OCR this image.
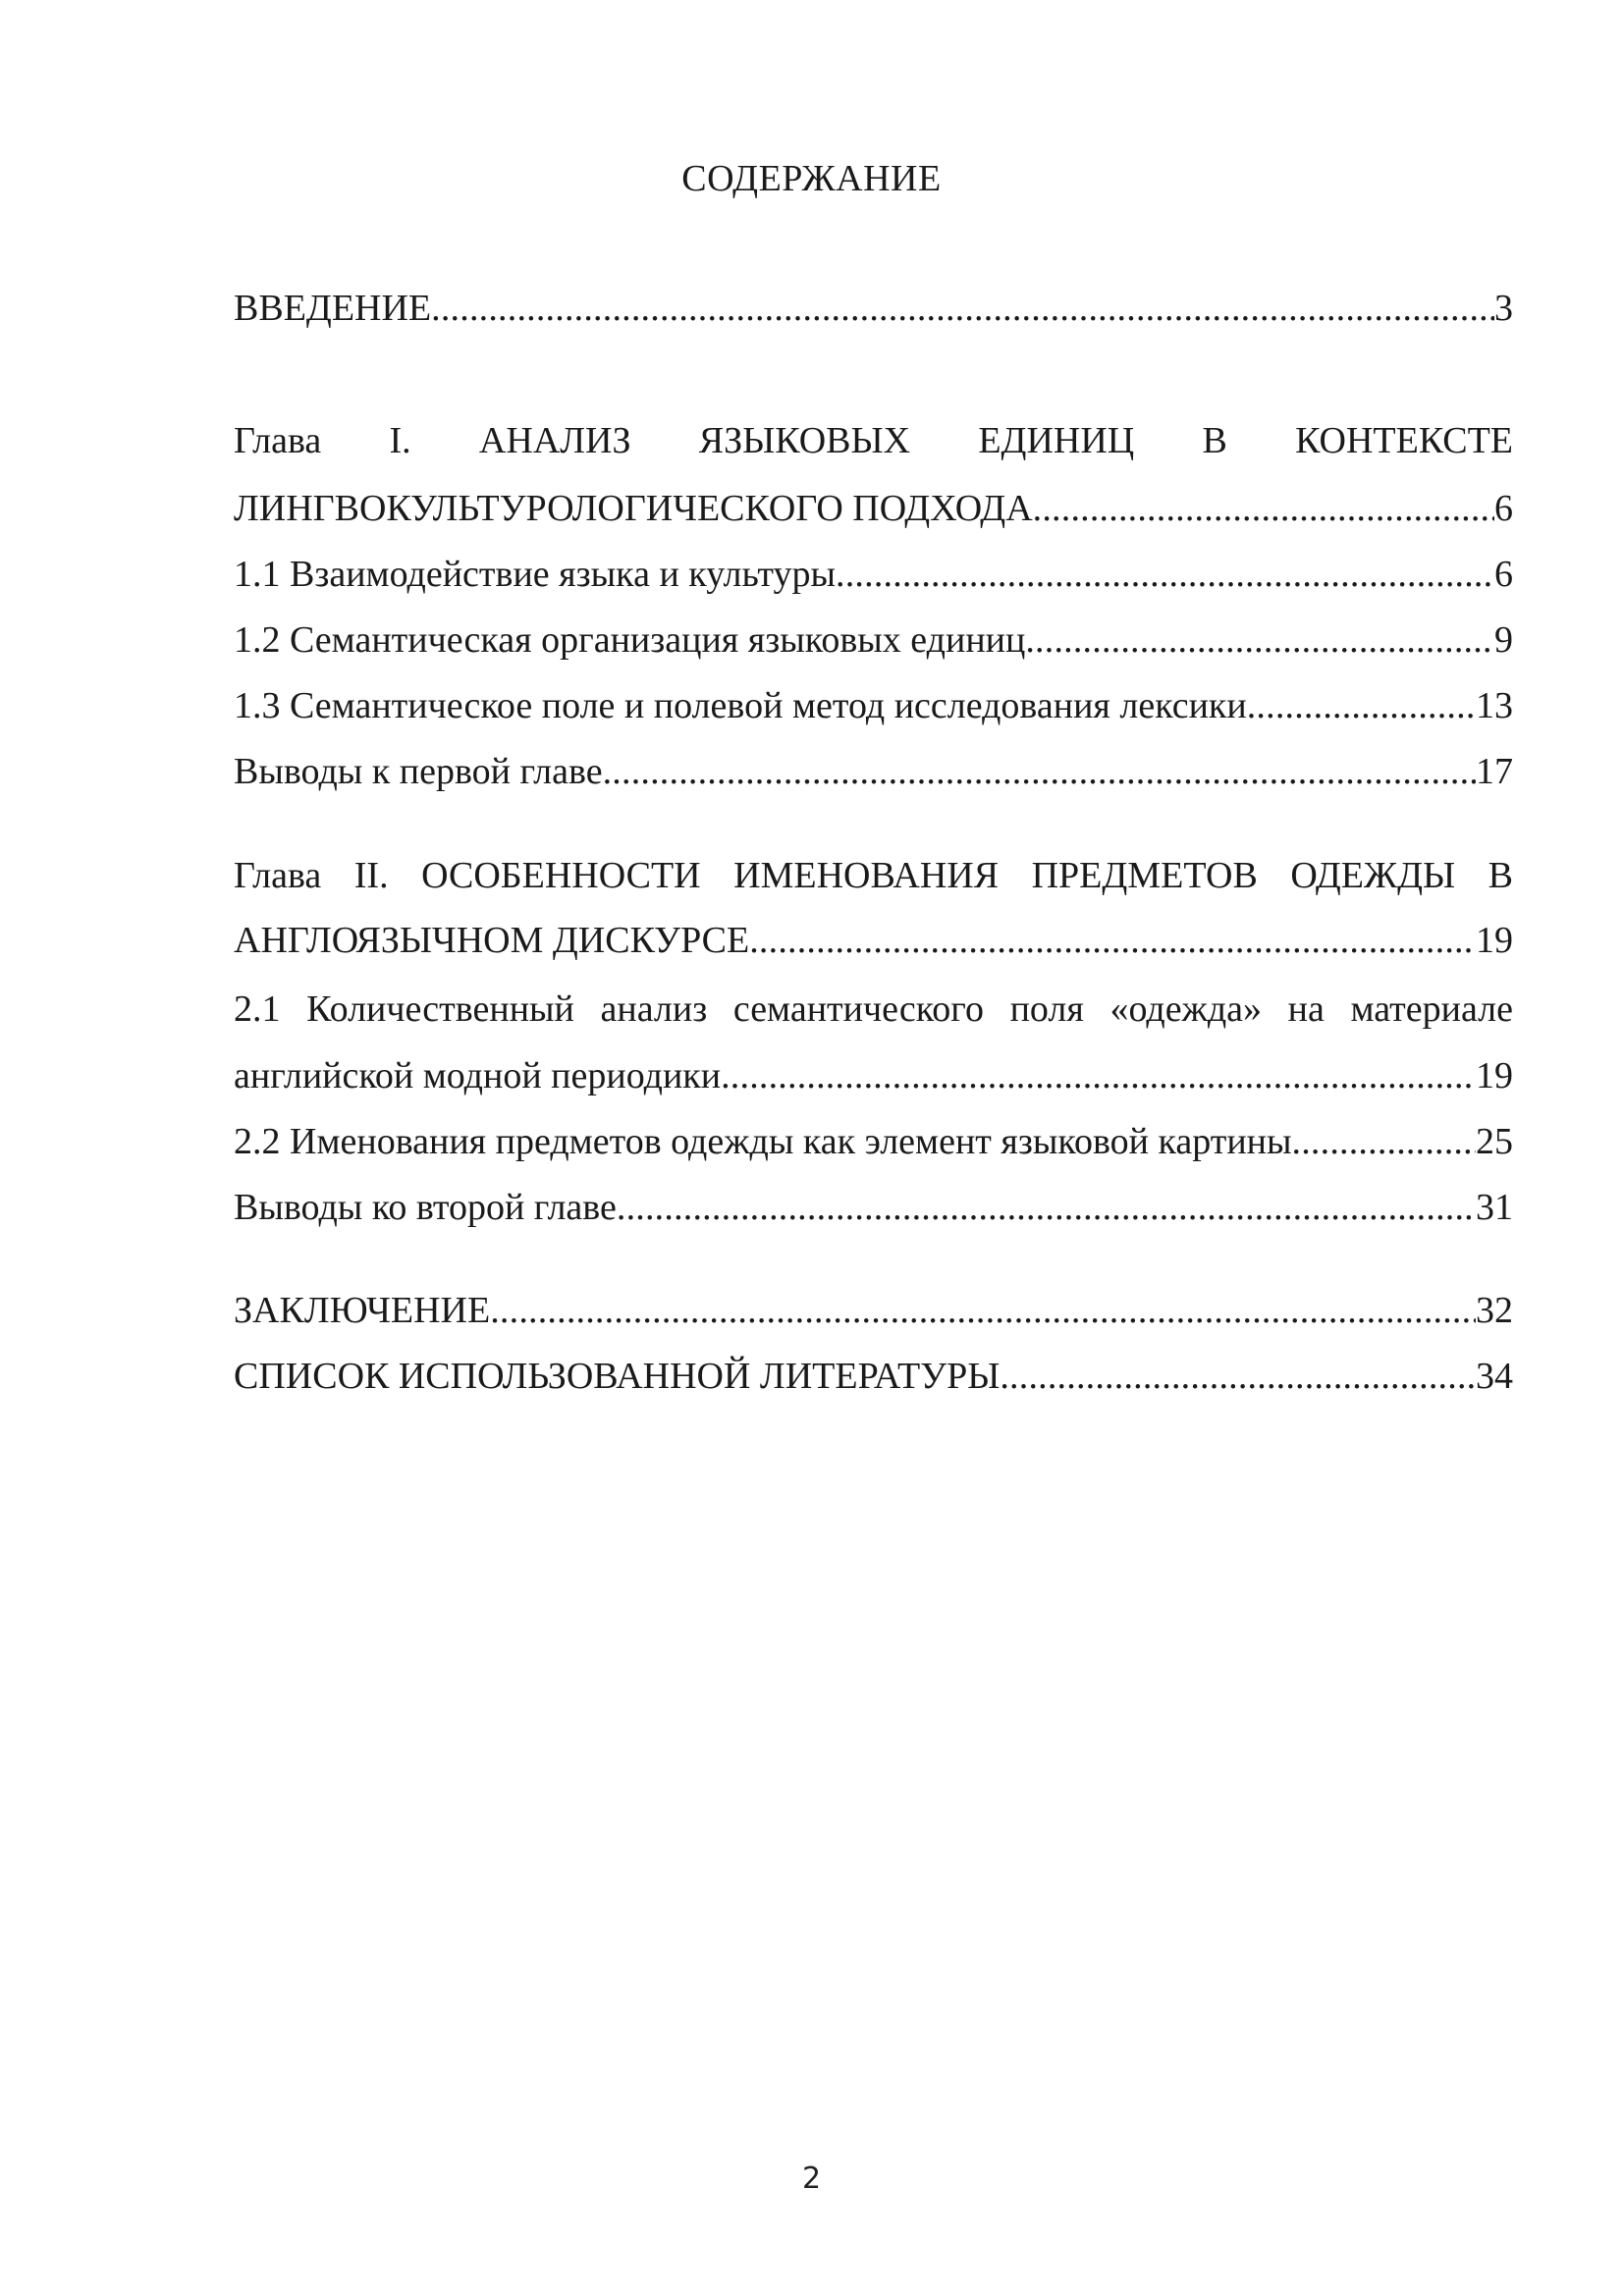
СОДЕРЖАНИЕ
ВВЕДЕНИЕ .....	3
Глава I. АНАЛИЗ ЯЗЫКОВЫХ ЕДИНИЦ В КОНТЕКСТЕ
ЛИНГВОКУЛЬТУРОЛОГИЧЕСКОГО ПОДХОДА .....	6
1.1 Взаимодействие языка и культуры .....	6
1.2 Семантическая организация языковых единиц .....	9
1.3 Семантическое поле и полевой метод исследования лексики .....	13
Выводы к первой главе .....	17
Глава II. ОСОБЕННОСТИ ИМЕНОВАНИЯ ПРЕДМЕТОВ ОДЕЖДЫ В
АНГЛОЯЗЫЧНОМ ДИСКУРСЕ .....	19
2.1 Количественный анализ семантического поля «одежда» на материале
английской модной периодики .....	19
2.2 Именования предметов одежды как элемент языковой картины .....	25
Выводы ко второй главе .....	31
ЗАКЛЮЧЕНИЕ .....	32
СПИСОК ИСПОЛЬЗОВАННОЙ ЛИТЕРАТУРЫ .....	34
2
